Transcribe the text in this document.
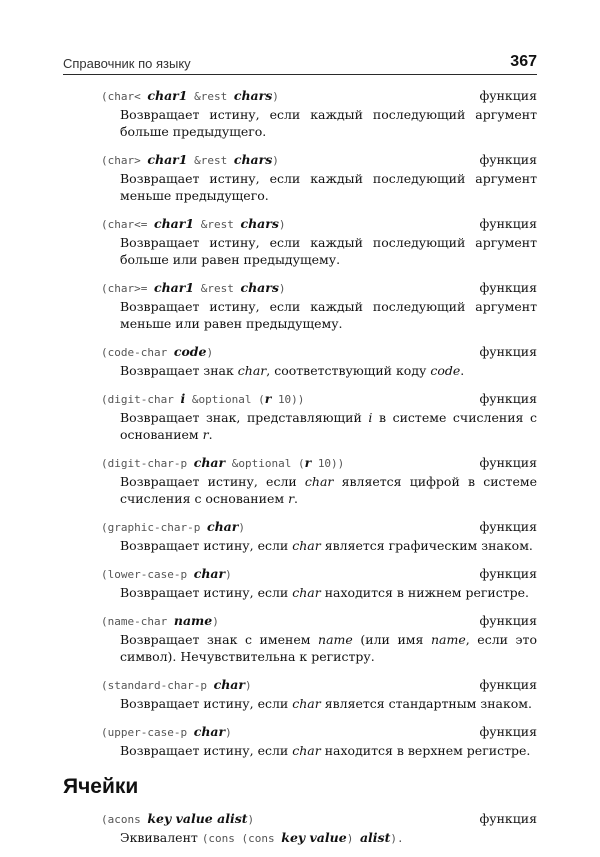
Справочник по языку	367
(char< char1 &rest chars)	функция
Возвращает истину, если каждый последующий аргумент больше предыдущего.
(char> char1 &rest chars)	функция
Возвращает истину, если каждый последующий аргумент меньше предыдущего.
(char<= char1 &rest chars)	функция
Возвращает истину, если каждый последующий аргумент больше или равен предыдущему.
(char>= char1 &rest chars)	функция
Возвращает истину, если каждый последующий аргумент меньше или равен предыдущему.
(code-char code)	функция
Возвращает знак char, соответствующий коду code.
(digit-char i &optional (r 10))	функция
Возвращает знак, представляющий i в системе счисления с основанием r.
(digit-char-p char &optional (r 10))	функция
Возвращает истину, если char является цифрой в системе счисления с основанием r.
(graphic-char-p char)	функция
Возвращает истину, если char является графическим знаком.
(lower-case-p char)	функция
Возвращает истину, если char находится в нижнем регистре.
(name-char name)	функция
Возвращает знак с именем name (или имя name, если это символ). Нечувствительна к регистру.
(standard-char-p char)	функция
Возвращает истину, если char является стандартным знаком.
(upper-case-p char)	функция
Возвращает истину, если char находится в верхнем регистре.
Ячейки
(acons key value alist)	функция
Эквивалент (cons (cons key value) alist).
